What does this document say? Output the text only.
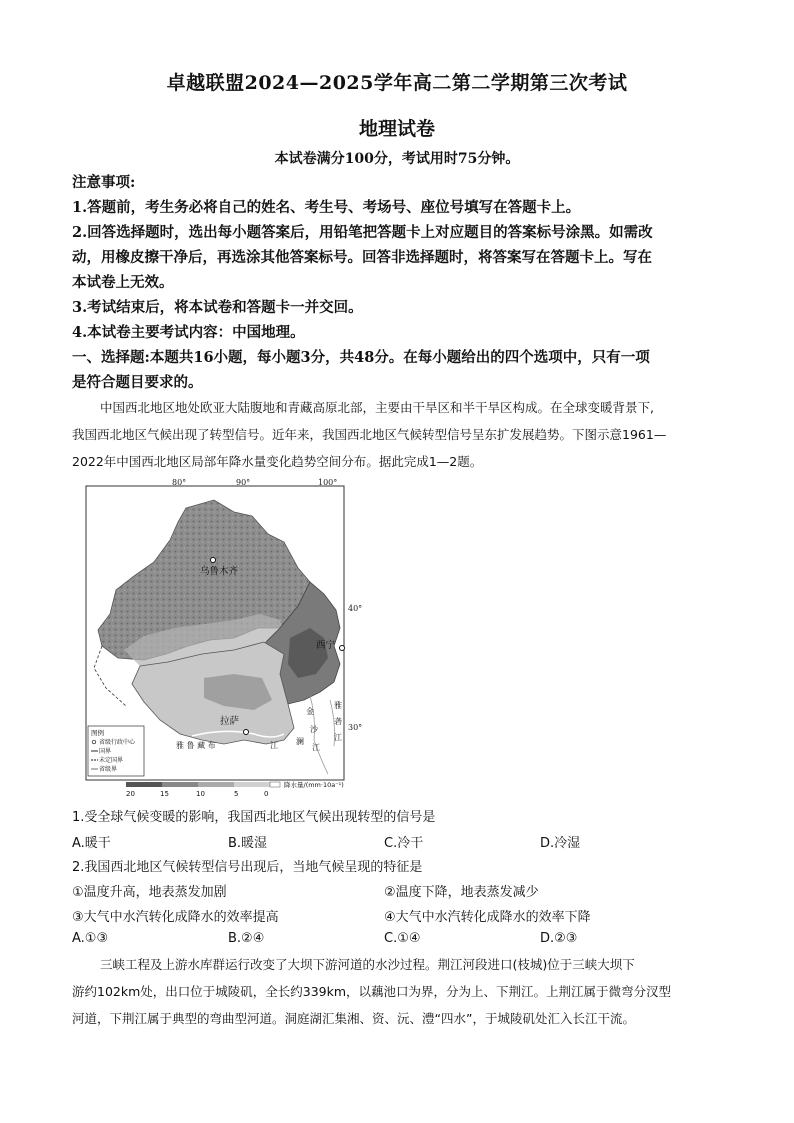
卓越联盟2024—2025学年高二第二学期第三次考试
地理试卷
本试卷满分100分，考试用时75分钟。
注意事项:
1.答题前，考生务必将自己的姓名、考生号、考场号、座位号填写在答题卡上。
2.回答选择题时，选出每小题答案后，用铅笔把答题卡上对应题目的答案标号涂黑。如需改
动，用橡皮擦干净后，再选涂其他答案标号。回答非选择题时，将答案写在答题卡上。写在
本试卷上无效。
3.考试结束后，将本试卷和答题卡一并交回。
4.本试卷主要考试内容：中国地理。
一、选择题:本题共16小题，每小题3分，共48分。在每小题给出的四个选项中，只有一项
是符合题目要求的。
中国西北地区地处欧亚大陆腹地和青藏高原北部，主要由干旱区和半干旱区构成。在全球变暖背景下,
我国西北地区气候出现了转型信号。近年来，我国西北地区气候转型信号呈东扩发展趋势。下图示意1961—
2022年中国西北地区局部年降水量变化趋势空间分布。据此完成1—2题。
80°	90°	100°
40°
30°
乌鲁木齐
西宁
拉萨
雅 鲁 藏 布	江
金
沙
江
澜
雅
砻
江
图例
省级行政中心
国界
未定国界
省级界
20	15	10	5	0
降水量/(mm·10a⁻¹)
1.受全球气候变暖的影响，我国西北地区气候出现转型的信号是
A.暖干	B.暖湿	C.冷干	D.冷湿
2.我国西北地区气候转型信号出现后，当地气候呈现的特征是
①温度升高，地表蒸发加剧	②温度下降，地表蒸发减少
③大气中水汽转化成降水的效率提高	④大气中水汽转化成降水的效率下降
A.①③	B.②④	C.①④	D.②③
三峡工程及上游水库群运行改变了大坝下游河道的水沙过程。荆江河段进口(枝城)位于三峡大坝下
游约102km处，出口位于城陵矶，全长约339km，以藕池口为界，分为上、下荆江。上荆江属于微弯分汊型
河道，下荆江属于典型的弯曲型河道。洞庭湖汇集湘、资、沅、澧“四水”，于城陵矶处汇入长江干流。
